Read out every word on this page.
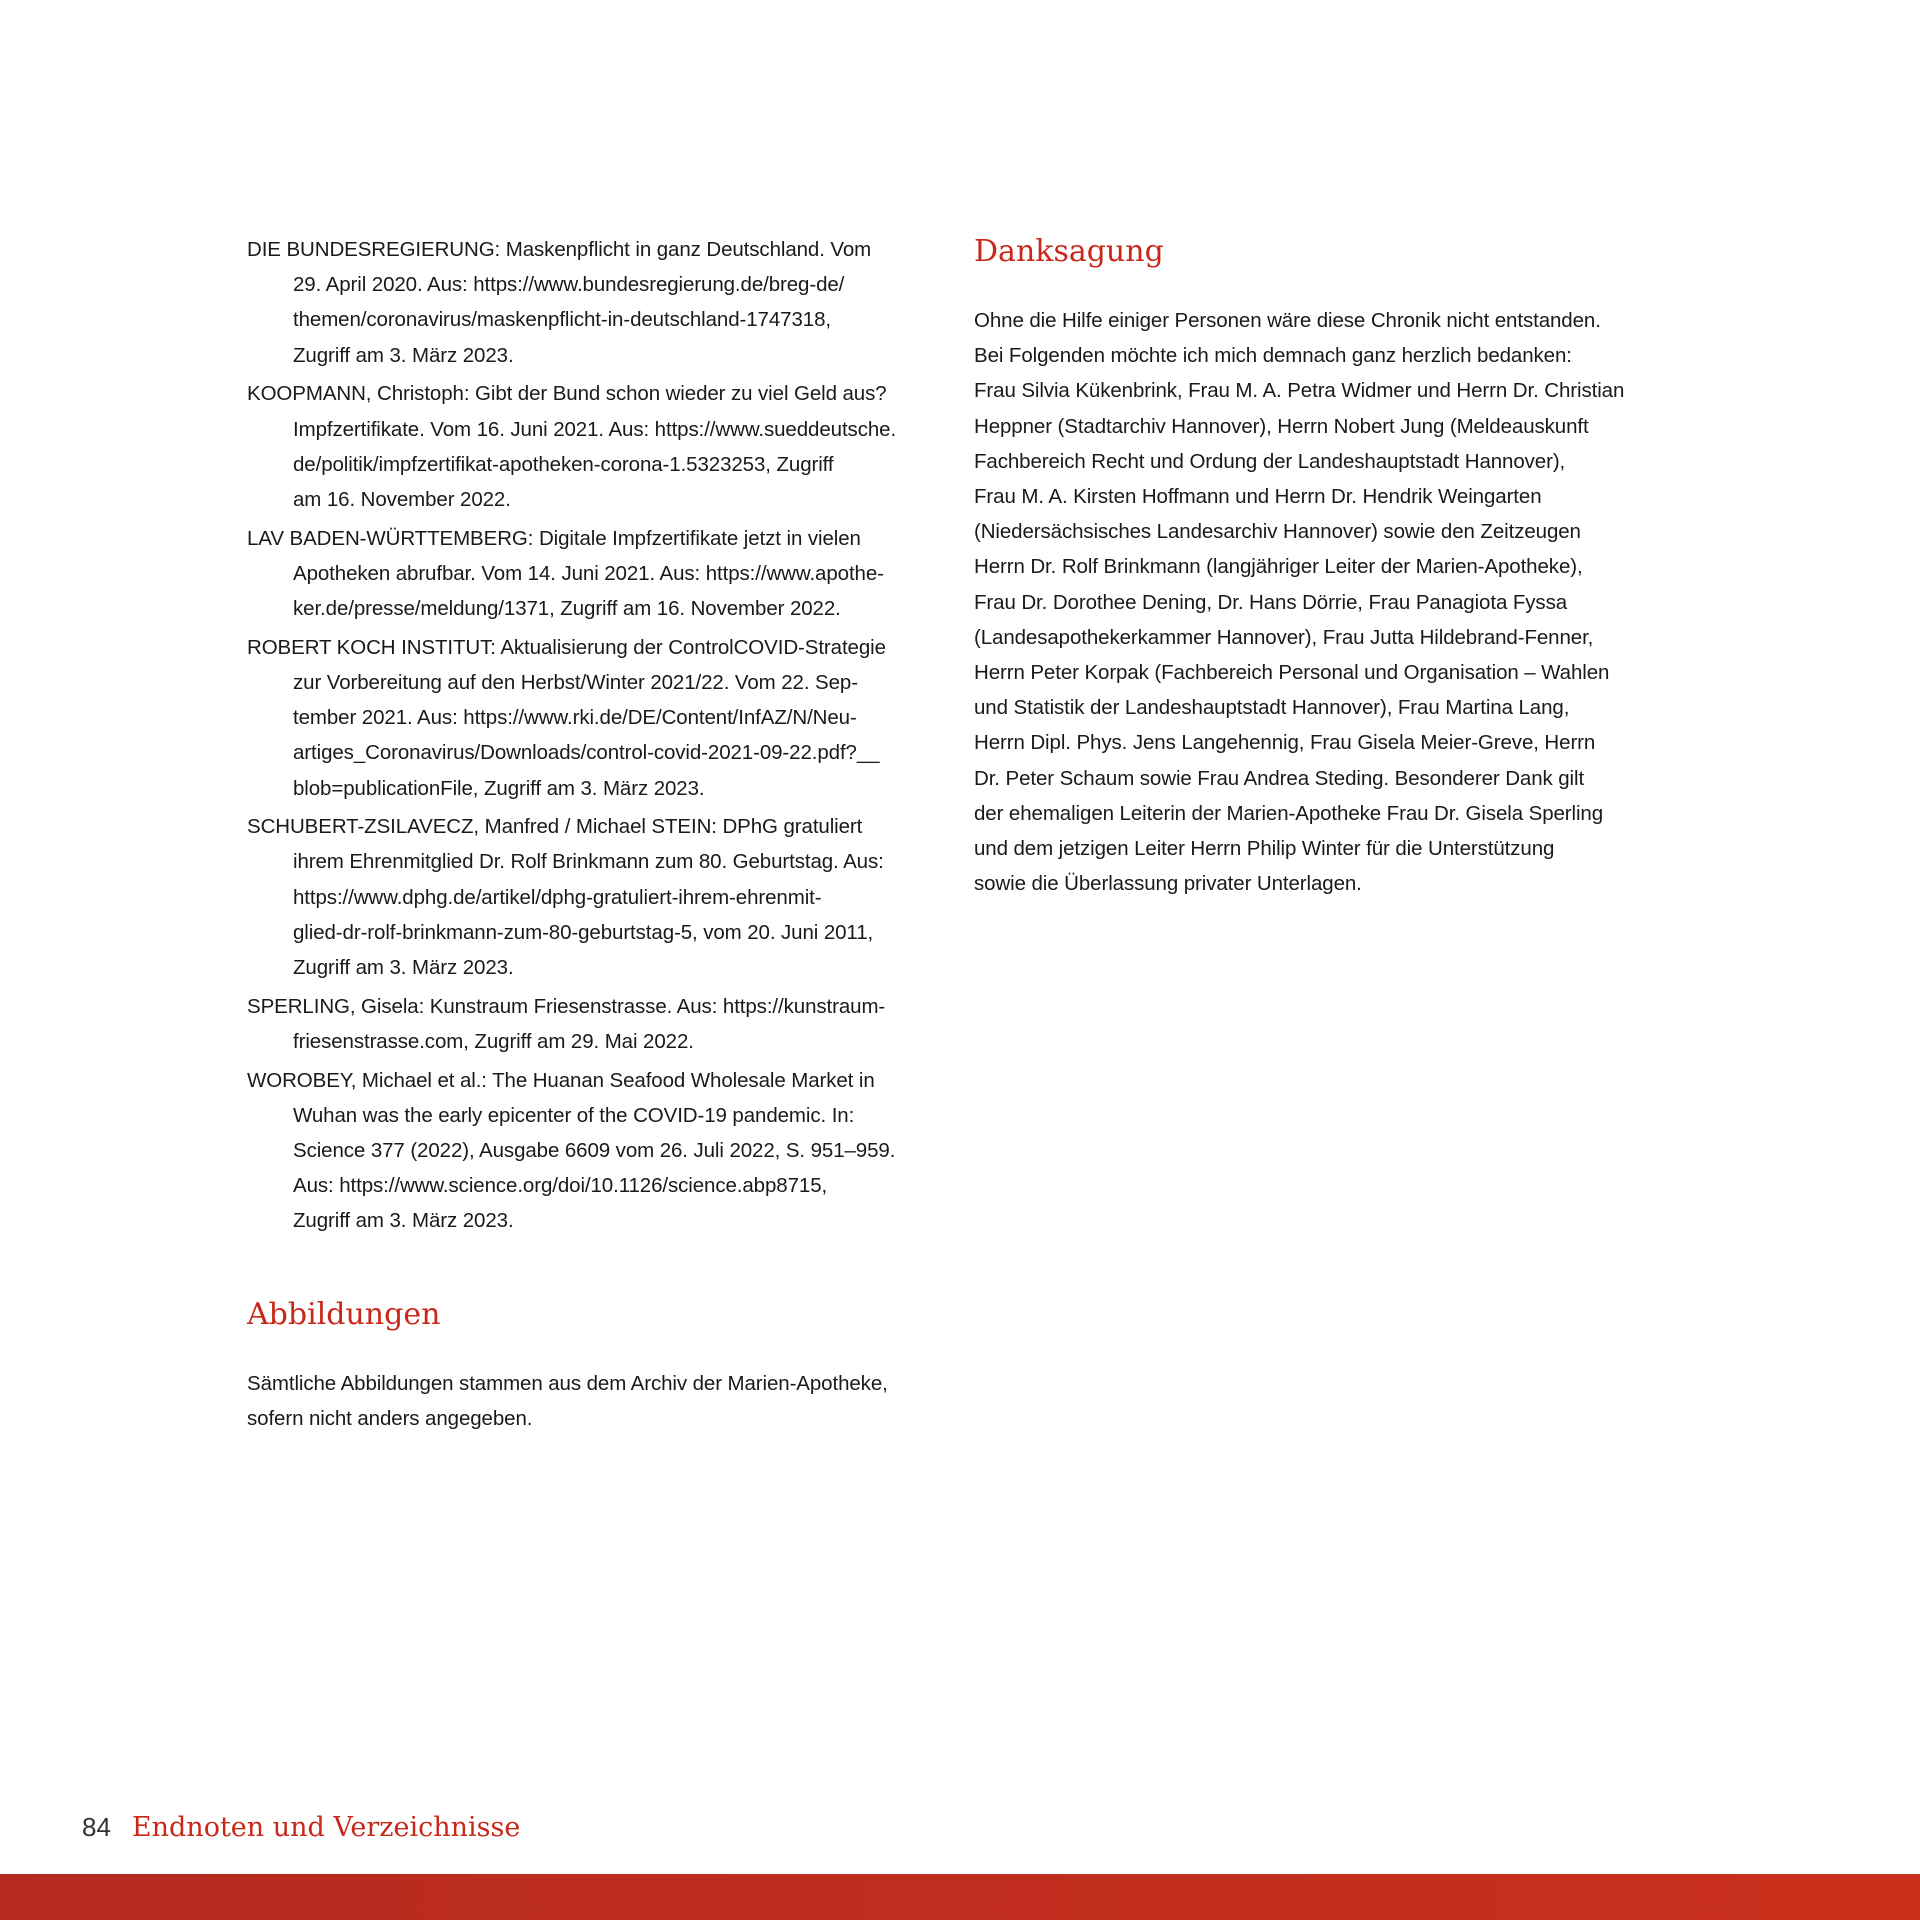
DIE BUNDESREGIERUNG: Maskenpflicht in ganz Deutschland. Vom
29. April 2020. Aus: https://www.bundesregierung.de/breg-de/
themen/coronavirus/maskenpflicht-in-deutschland-1747318,
Zugriff am 3. März 2023.
KOOPMANN, Christoph: Gibt der Bund schon wieder zu viel Geld aus?
Impfzertifikate. Vom 16. Juni 2021. Aus: https://www.sueddeutsche.
de/politik/impfzertifikat-apotheken-corona-1.5323253, Zugriff
am 16. November 2022.
LAV BADEN-WÜRTTEMBERG: Digitale Impfzertifikate jetzt in vielen
Apotheken abrufbar. Vom 14. Juni 2021. Aus: https://www.apothe-
ker.de/presse/meldung/1371, Zugriff am 16. November 2022.
ROBERT KOCH INSTITUT: Aktualisierung der ControlCOVID-Strategie
zur Vorbereitung auf den Herbst/Winter 2021/22. Vom 22. Sep-
tember 2021. Aus: https://www.rki.de/DE/Content/InfAZ/N/Neu-
artiges_Coronavirus/Downloads/control-covid-2021-09-22.pdf?__
blob=publicationFile, Zugriff am 3. März 2023.
SCHUBERT-ZSILAVECZ, Manfred / Michael STEIN: DPhG gratuliert
ihrem Ehrenmitglied Dr. Rolf Brinkmann zum 80. Geburtstag. Aus:
https://www.dphg.de/artikel/dphg-gratuliert-ihrem-ehrenmit-
glied-dr-rolf-brinkmann-zum-80-geburtstag-5, vom 20. Juni 2011,
Zugriff am 3. März 2023.
SPERLING, Gisela: Kunstraum Friesenstrasse. Aus: https://kunstraum-
friesenstrasse.com, Zugriff am 29. Mai 2022.
WOROBEY, Michael et al.: The Huanan Seafood Wholesale Market in
Wuhan was the early epicenter of the COVID-19 pandemic. In:
Science 377 (2022), Ausgabe 6609 vom 26. Juli 2022, S. 951–959.
Aus: https://www.science.org/doi/10.1126/science.abp8715,
Zugriff am 3. März 2023.
Abbildungen

Sämtliche Abbildungen stammen aus dem Archiv der Marien-Apotheke,
sofern nicht anders angegeben.

Danksagung

Ohne die Hilfe einiger Personen wäre diese Chronik nicht entstanden.
Bei Folgenden möchte ich mich demnach ganz herzlich bedanken:
Frau Silvia Kükenbrink, Frau M. A. Petra Widmer und Herrn Dr. Christian
Heppner (Stadtarchiv Hannover), Herrn Nobert Jung (Meldeauskunft
Fachbereich Recht und Ordung der Landeshauptstadt Hannover),
Frau M. A. Kirsten Hoffmann und Herrn Dr. Hendrik Weingarten
(Niedersächsisches Landesarchiv Hannover) sowie den Zeitzeugen
Herrn Dr. Rolf Brinkmann (langjähriger Leiter der Marien-Apotheke),
Frau Dr. Dorothee Dening, Dr. Hans Dörrie, Frau Panagiota Fyssa
(Landesapothekerkammer Hannover), Frau Jutta Hildebrand-Fenner,
Herrn Peter Korpak (Fachbereich Personal und Organisation – Wahlen
und Statistik der Landeshauptstadt Hannover), Frau Martina Lang,
Herrn Dipl. Phys. Jens Langehennig, Frau Gisela Meier-Greve, Herrn
Dr. Peter Schaum sowie Frau Andrea Steding. Besonderer Dank gilt
der ehemaligen Leiterin der Marien-Apotheke Frau Dr. Gisela Sperling
und dem jetzigen Leiter Herrn Philip Winter für die Unterstützung
sowie die Überlassung privater Unterlagen.

84 Endnoten und Verzeichnisse
